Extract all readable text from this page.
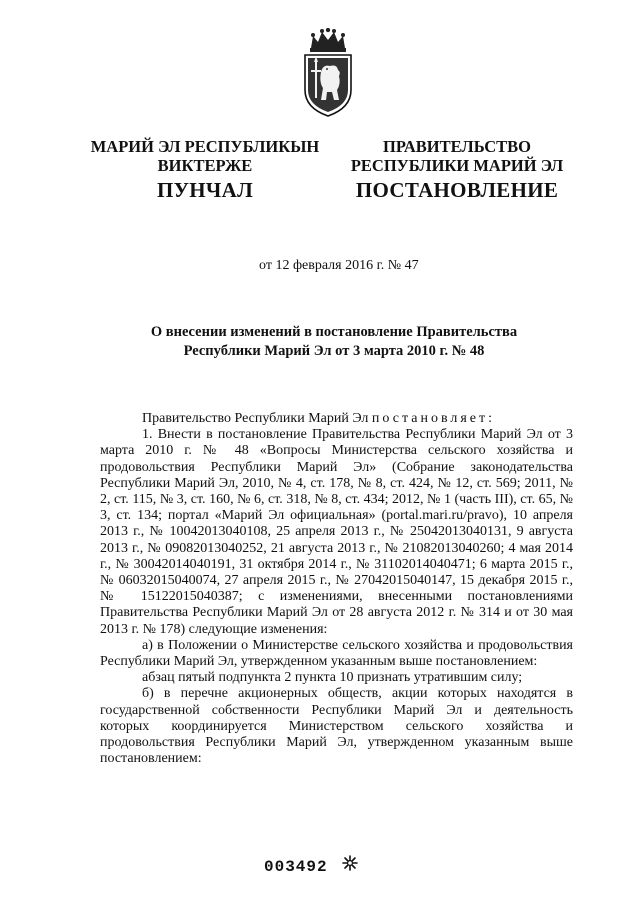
МАРИЙ ЭЛ РЕСПУБЛИКЫН
ВИКТЕРЖЕ
ПРАВИТЕЛЬСТВО
РЕСПУБЛИКИ МАРИЙ ЭЛ
ПУНЧАЛ	ПОСТАНОВЛЕНИЕ
от 12 февраля 2016 г. № 47
О внесении изменений в постановление Правительства
Республики Марий Эл от 3 марта 2010 г. № 48

Правительство Республики Марий Эл постановляет:

1. Внести в постановление Правительства Республики Марий Эл от 3 марта 2010 г. № 48 «Вопросы Министерства сельского хозяйства и продовольствия Республики Марий Эл» (Собрание законодательства Республики Марий Эл, 2010, № 4, ст. 178, № 8, ст. 424, № 12, ст. 569; 2011, № 2, ст. 115, № 3, ст. 160, № 6, ст. 318, № 8, ст. 434; 2012, № 1 (часть III), ст. 65, № 3, ст. 134; портал «Марий Эл официальная» (portal.mari.ru/pravo), 10 апреля 2013 г., № 10042013040108, 25 апреля 2013 г., № 25042013040131, 9 августа 2013 г., № 09082013040252, 21 августа 2013 г., № 21082013040260; 4 мая 2014 г., № 30042014040191, 31 октября 2014 г., № 31102014040471; 6 марта 2015 г., № 06032015040074, 27 апреля 2015 г., № 27042015040147, 15 декабря 2015 г., № 15122015040387; с изменениями, внесенными постановлениями Правительства Республики Марий Эл от 28 августа 2012 г. № 314 и от 30 мая 2013 г. № 178) следующие изменения:

а) в Положении о Министерстве сельского хозяйства и продовольствия Республики Марий Эл, утвержденном указанным выше постановлением:

абзац пятый подпункта 2 пункта 10 признать утратившим силу;

б) в перечне акционерных обществ, акции которых находятся в государственной собственности Республики Марий Эл и деятельность которых координируется Министерством сельского хозяйства и продовольствия Республики Марий Эл, утвержденном указанным выше постановлением:

003492
